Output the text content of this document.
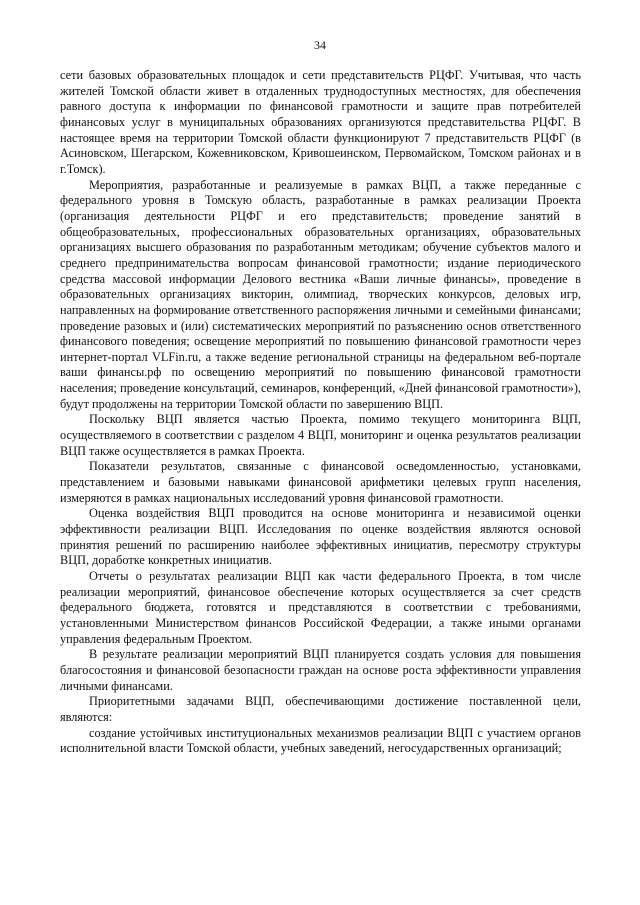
34

сети базовых образовательных площадок и сети представительств РЦФГ. Учитывая, что часть жителей Томской области живет в отдаленных труднодоступных местностях, для обеспечения равного доступа к информации по финансовой грамотности и защите прав потребителей финансовых услуг в муниципальных образованиях организуются представительства РЦФГ. В настоящее время на территории Томской области функционируют 7 представительств РЦФГ (в Асиновском, Шегарском, Кожевниковском, Кривошеинском, Первомайском, Томском районах и в г.Томск).

Мероприятия, разработанные и реализуемые в рамках ВЦП, а также переданные с федерального уровня в Томскую область, разработанные в рамках реализации Проекта (организация деятельности РЦФГ и его представительств; проведение занятий в общеобразовательных, профессиональных образовательных организациях, образовательных организациях высшего образования по разработанным методикам; обучение субъектов малого и среднего предпринимательства вопросам финансовой грамотности; издание периодического средства массовой информации Делового вестника «Ваши личные финансы», проведение в образовательных организациях викторин, олимпиад, творческих конкурсов, деловых игр, направленных на формирование ответственного распоряжения личными и семейными финансами; проведение разовых и (или) систематических мероприятий по разъяснению основ ответственного финансового поведения; освещение мероприятий по повышению финансовой грамотности через интернет-портал VLFin.ru, а также ведение региональной страницы на федеральном веб-портале ваши финансы.рф по освещению мероприятий по повышению финансовой грамотности населения; проведение консультаций, семинаров, конференций, «Дней финансовой грамотности»), будут продолжены на территории Томской области по завершению ВЦП.

Поскольку ВЦП является частью Проекта, помимо текущего мониторинга ВЦП, осуществляемого в соответствии с разделом 4 ВЦП, мониторинг и оценка результатов реализации ВЦП также осуществляется в рамках Проекта.

Показатели результатов, связанные с финансовой осведомленностью, установками, представлением и базовыми навыками финансовой арифметики целевых групп населения, измеряются в рамках национальных исследований уровня финансовой грамотности.

Оценка воздействия ВЦП проводится на основе мониторинга и независимой оценки эффективности реализации ВЦП. Исследования по оценке воздействия являются основой принятия решений по расширению наиболее эффективных инициатив, пересмотру структуры ВЦП, доработке конкретных инициатив.

Отчеты о результатах реализации ВЦП как части федерального Проекта, в том числе реализации мероприятий, финансовое обеспечение которых осуществляется за счет средств федерального бюджета, готовятся и представляются в соответствии с требованиями, установленными Министерством финансов Российской Федерации, а также иными органами управления федеральным Проектом.

В результате реализации мероприятий ВЦП планируется создать условия для повышения благосостояния и финансовой безопасности граждан на основе роста эффективности управления личными финансами.

Приоритетными задачами ВЦП, обеспечивающими достижение поставленной цели, являются:

создание устойчивых институциональных механизмов реализации ВЦП с участием органов исполнительной власти Томской области, учебных заведений, негосударственных организаций;
